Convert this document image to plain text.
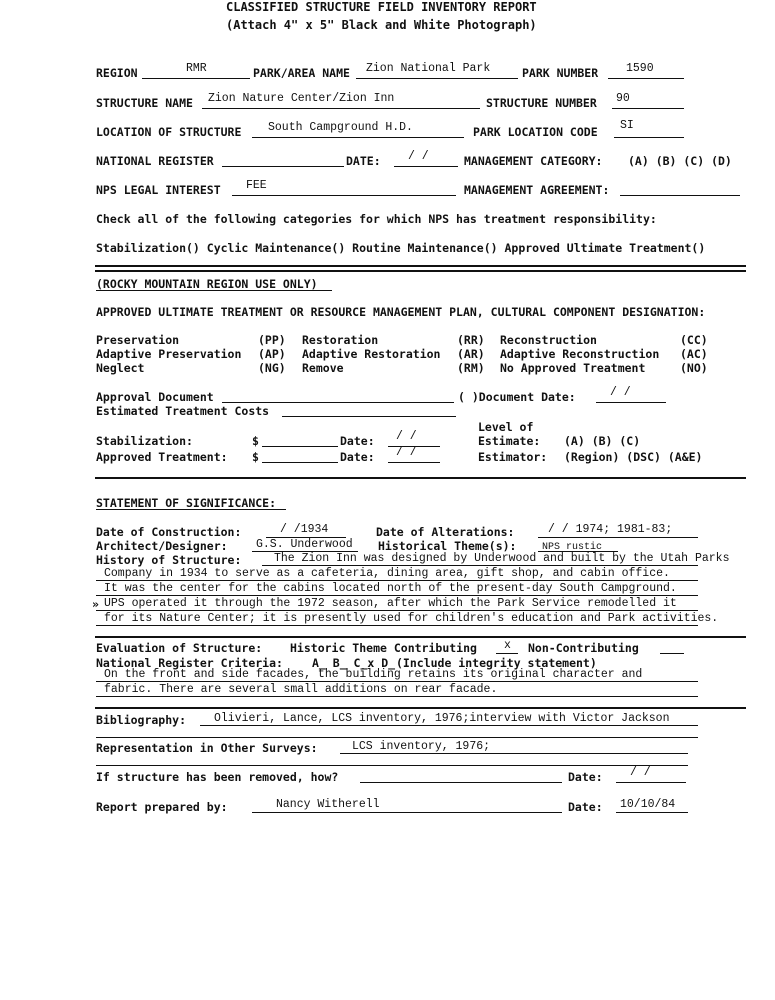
CLASSIFIED STRUCTURE FIELD INVENTORY REPORT
(Attach 4" x 5" Black and White Photograph)
REGION	RMR	PARK/AREA NAME Zion National Park	PARK NUMBER 1590
STRUCTURE NAME Zion Nature Center/Zion Inn	STRUCTURE NUMBER 90
LOCATION OF STRUCTURE South Campground H.D.	PARK LOCATION CODE SI
NATIONAL REGISTER	DATE: / /	MANAGEMENT CATEGORY: (A) (B) (C) (D)
NPS LEGAL INTEREST FEE	MANAGEMENT AGREEMENT:
Check all of the following categories for which NPS has treatment responsibility:
Stabilization() Cyclic Maintenance() Routine Maintenance() Approved Ultimate Treatment()
(ROCKY MOUNTAIN REGION USE ONLY)
APPROVED ULTIMATE TREATMENT OR RESOURCE MANAGEMENT PLAN, CULTURAL COMPONENT DESIGNATION:
Preservation	(PP) Restoration	(RR) Reconstruction	(CC)
Adaptive Preservation (AP) Adaptive Restoration (AR) Adaptive Reconstruction (AC)
Neglect	(NG) Remove	(RM) No Approved Treatment	(NO)
Approval Document	( )Document Date:	/ /
Estimated Treatment Costs
Level of
Stabilization:	$	Date: / /	Estimate: (A) (B) (C)
Approved Treatment: $	Date: / /	Estimator: (Region) (DSC) (A&E)
STATEMENT OF SIGNIFICANCE:
Date of Construction:	/ /1934	Date of Alterations:	/ / 1974; 1981-83;
Architect/Designer: G.S. Underwood Historical Theme(s):	NPS rustic
History of Structure:	The Zion Inn was designed by Underwood and built by the Utah Parks
Company in 1934 to serve as a cafeteria, dining area, gift shop, and cabin office.
It was the center for the cabins located north of the present-day South Campground.
» UPS operated it through the 1972 season, after which the Park Service remodelled it
for its Nature Center; it is presently used for children's education and Park activities.
Evaluation of Structure: Historic Theme Contributing x Non-Contributing
National Register Criteria:	A_ B_ C_x D_ (Include integrity statement)
On the front and side facades, the building retains its original character and
fabric. There are several small additions on rear facade.
Bibliography: Olivieri, Lance, LCS inventory, 1976;interview with Victor Jackson
Representation in Other Surveys:	LCS inventory, 1976;
If structure has been removed, how?	Date: / /
Report prepared by:	Nancy Witherell	Date: 10/10/84
